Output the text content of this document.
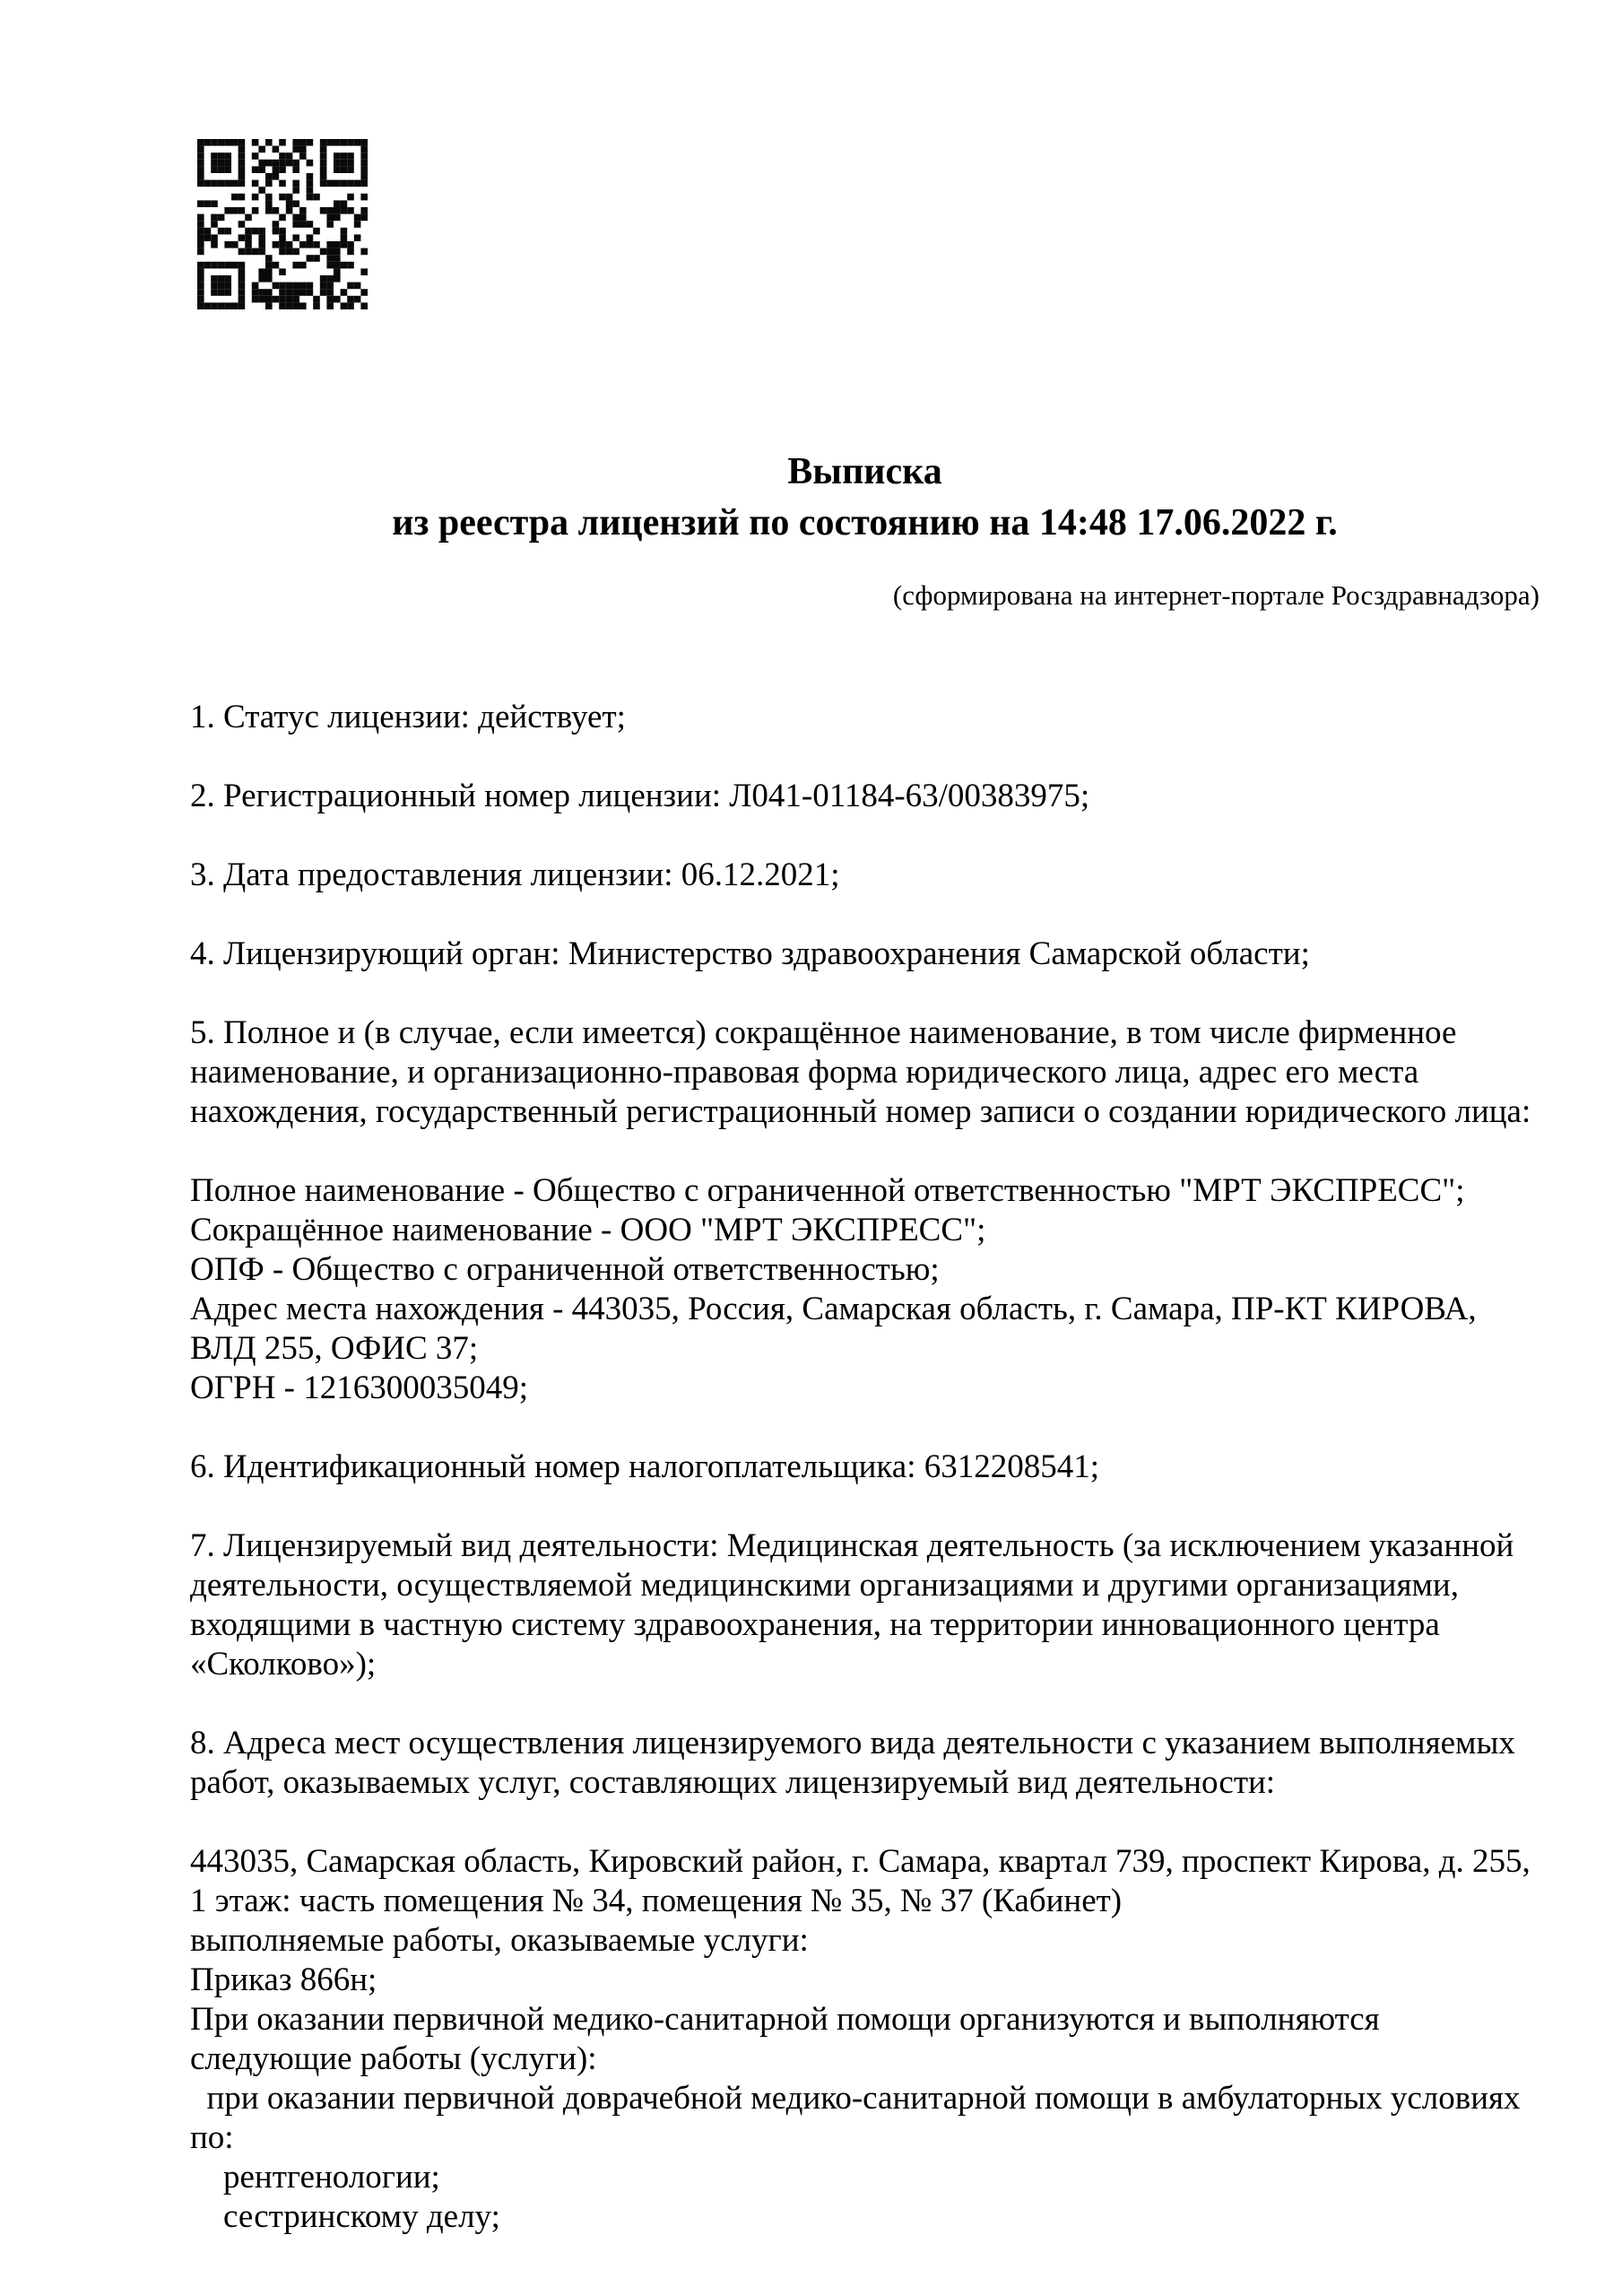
Выписка
из реестра лицензий по состоянию на 14:48 17.06.2022 г.
(сформирована на интернет-портале Росздравнадзора)
1. Статус лицензии: действует;
2. Регистрационный номер лицензии: Л041-01184-63/00383975;
3. Дата предоставления лицензии: 06.12.2021;
4. Лицензирующий орган: Министерство здравоохранения Самарской области;
5. Полное и (в случае, если имеется) сокращённое наименование, в том числе фирменное наименование, и организационно-правовая форма юридического лица, адрес его места нахождения, государственный регистрационный номер записи о создании юридического лица:
Полное наименование - Общество с ограниченной ответственностью "МРТ ЭКСПРЕСС";
Сокращённое наименование - ООО "МРТ ЭКСПРЕСС";
ОПФ - Общество с ограниченной ответственностью;
Адрес места нахождения - 443035, Россия, Самарская область, г. Самара, ПР-КТ КИРОВА, ВЛД 255, ОФИС 37;
ОГРН - 1216300035049;
6. Идентификационный номер налогоплательщика: 6312208541;
7. Лицензируемый вид деятельности: Медицинская деятельность (за исключением указанной деятельности, осуществляемой медицинскими организациями и другими организациями, входящими в частную систему здравоохранения, на территории инновационного центра «Сколково»);
8. Адреса мест осуществления лицензируемого вида деятельности с указанием выполняемых работ, оказываемых услуг, составляющих лицензируемый вид деятельности:
443035, Самарская область, Кировский район, г. Самара, квартал 739, проспект Кирова, д. 255, 1 этаж: часть помещения № 34, помещения № 35, № 37 (Кабинет)
выполняемые работы, оказываемые услуги:
Приказ 866н;
При оказании первичной медико-санитарной помощи организуются и выполняются следующие работы (услуги):
при оказании первичной доврачебной медико-санитарной помощи в амбулаторных условиях по:
рентгенологии;
сестринскому делу;
